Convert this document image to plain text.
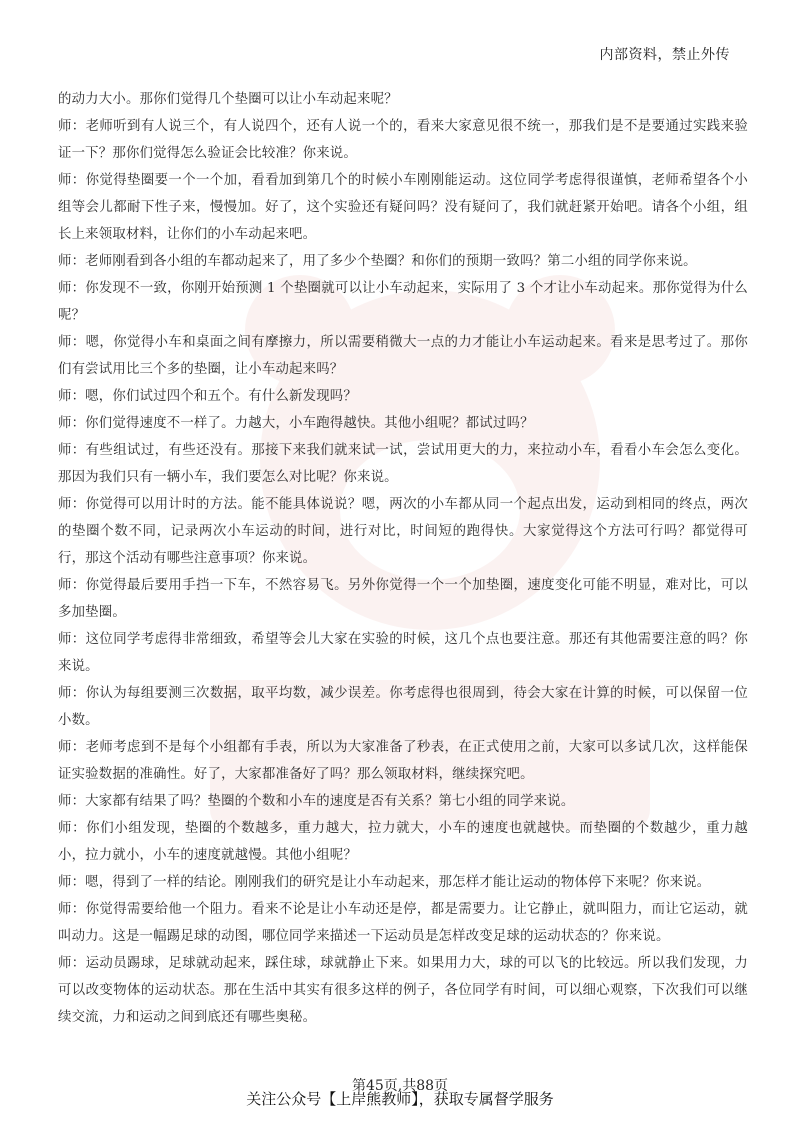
内部资料，禁止外传

的动力大小。那你们觉得几个垫圈可以让小车动起来呢？

师：老师听到有人说三个，有人说四个，还有人说一个的，看来大家意见很不统一，那我们是不是要通过实践来验证一下？那你们觉得怎么验证会比较准？你来说。

师：你觉得垫圈要一个一个加，看看加到第几个的时候小车刚刚能运动。这位同学考虑得很谨慎，老师希望各个小组等会儿都耐下性子来，慢慢加。好了，这个实验还有疑问吗？没有疑问了，我们就赶紧开始吧。请各个小组，组长上来领取材料，让你们的小车动起来吧。

师：老师刚看到各小组的车都动起来了，用了多少个垫圈？和你们的预期一致吗？第二小组的同学你来说。

师：你发现不一致，你刚开始预测 1 个垫圈就可以让小车动起来，实际用了 3 个才让小车动起来。那你觉得为什么呢？

师：嗯，你觉得小车和桌面之间有摩擦力，所以需要稍微大一点的力才能让小车运动起来。看来是思考过了。那你们有尝试用比三个多的垫圈，让小车动起来吗？

师：嗯，你们试过四个和五个。有什么新发现吗？

师：你们觉得速度不一样了。力越大，小车跑得越快。其他小组呢？都试过吗？

师：有些组试过，有些还没有。那接下来我们就来试一试，尝试用更大的力，来拉动小车，看看小车会怎么变化。那因为我们只有一辆小车，我们要怎么对比呢？你来说。

师：你觉得可以用计时的方法。能不能具体说说？嗯，两次的小车都从同一个起点出发，运动到相同的终点，两次的垫圈个数不同，记录两次小车运动的时间，进行对比，时间短的跑得快。大家觉得这个方法可行吗？都觉得可行，那这个活动有哪些注意事项？你来说。

师：你觉得最后要用手挡一下车，不然容易飞。另外你觉得一个一个加垫圈，速度变化可能不明显，难对比，可以多加垫圈。

师：这位同学考虑得非常细致，希望等会儿大家在实验的时候，这几个点也要注意。那还有其他需要注意的吗？你来说。

师：你认为每组要测三次数据，取平均数，减少误差。你考虑得也很周到，待会大家在计算的时候，可以保留一位小数。

师：老师考虑到不是每个小组都有手表，所以为大家准备了秒表，在正式使用之前，大家可以多试几次，这样能保证实验数据的准确性。好了，大家都准备好了吗？那么领取材料，继续探究吧。

师：大家都有结果了吗？垫圈的个数和小车的速度是否有关系？第七小组的同学来说。

师：你们小组发现，垫圈的个数越多，重力越大，拉力就大，小车的速度也就越快。而垫圈的个数越少，重力越小，拉力就小，小车的速度就越慢。其他小组呢？

师：嗯，得到了一样的结论。刚刚我们的研究是让小车动起来，那怎样才能让运动的物体停下来呢？你来说。

师：你觉得需要给他一个阻力。看来不论是让小车动还是停，都是需要力。让它静止，就叫阻力，而让它运动，就叫动力。这是一幅踢足球的动图，哪位同学来描述一下运动员是怎样改变足球的运动状态的？你来说。

师：运动员踢球，足球就动起来，踩住球，球就静止下来。如果用力大，球的可以飞的比较远。所以我们发现，力可以改变物体的运动状态。那在生活中其实有很多这样的例子，各位同学有时间，可以细心观察，下次我们可以继续交流，力和运动之间到底还有哪些奥秘。

第45页,共88页
关注公众号【上岸熊教师】，获取专属督学服务
